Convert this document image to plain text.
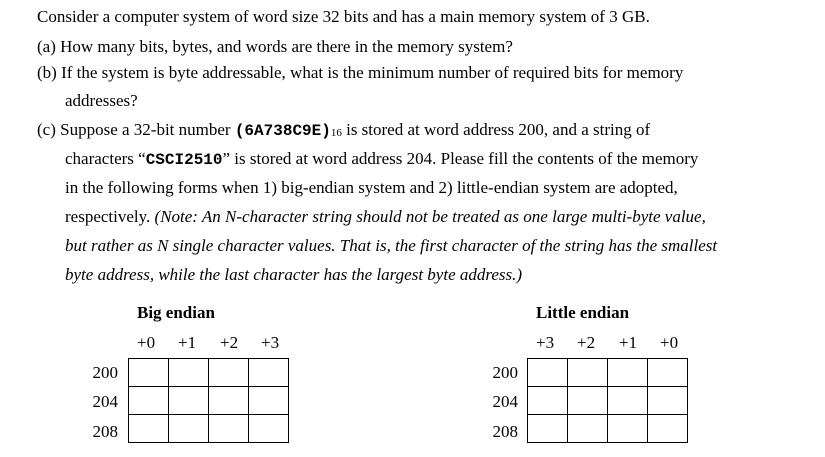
Consider a computer system of word size 32 bits and has a main memory system of 3 GB.
(a) How many bits, bytes, and words are there in the memory system?
(b) If the system is byte addressable, what is the minimum number of required bits for memory
addresses?
(c) Suppose a 32-bit number (6A738C9E)16 is stored at word address 200, and a string of
characters “CSCI2510” is stored at word address 204. Please fill the contents of the memory
in the following forms when 1) big-endian system and 2) little-endian system are adopted,
respectively. (Note: An N-character string should not be treated as one large multi-byte value,
but rather as N single character values. That is, the first character of the string has the smallest
byte address, while the last character has the largest byte address.)
Big endian
+0 +1 +2 +3
200
204
208

Little endian
+3 +2 +1 +0
200
204
208
